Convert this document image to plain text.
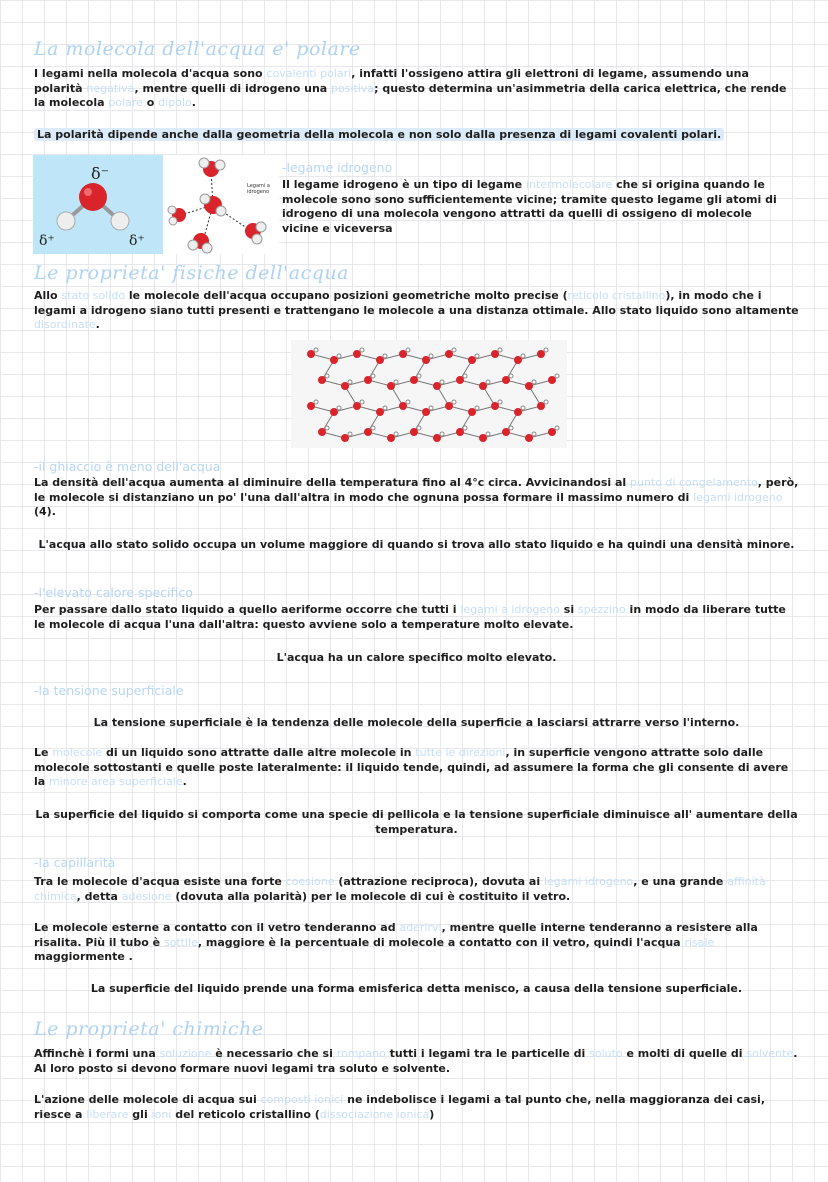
La molecola dell'acqua e' polare
I legami nella molecola d'acqua sono covalenti polari, infatti l'ossigeno attira gli elettroni di legame, assumendo una polarità negativa, mentre quelli di idrogeno una positiva; questo determina un'asimmetria della carica elettrica, che rende la molecola polare o dipolo.
La polarità dipende anche dalla geometria della molecola e non solo dalla presenza di legami covalenti polari.
δ⁻
δ⁺	δ⁺
Legami a
idrogeno
-legame idrogeno
Il legame idrogeno è un tipo di legame intermolecolare che si origina quando le molecole sono sono sufficientemente vicine; tramite questo legame gli atomi di idrogeno di una molecola vengono attratti da quelli di ossigeno di molecole vicine e viceversa
Le proprieta' fisiche dell'acqua
Allo stato solido le molecole dell'acqua occupano posizioni geometriche molto precise (reticolo cristallino), in modo che i legami a idrogeno siano tutti presenti e trattengano le molecole a una distanza ottimale. Allo stato liquido sono altamente disordinate.
-il ghiaccio è meno dell'acqua
La densità dell'acqua aumenta al diminuire della temperatura fino al 4°c circa. Avvicinandosi al punto di congelamento, però, le molecole si distanziano un po' l'una dall'altra in modo che ognuna possa formare il massimo numero di legami idrogeno (4).
L'acqua allo stato solido occupa un volume maggiore di quando si trova allo stato liquido e ha quindi una densità minore.
-l'elevato calore specifico
Per passare dallo stato liquido a quello aeriforme occorre che tutti i legami a idrogeno si spezzino in modo da liberare tutte le molecole di acqua l'una dall'altra: questo avviene solo a temperature molto elevate.
L'acqua ha un calore specifico molto elevato.
-la tensione superficiale
La tensione superficiale è la tendenza delle molecole della superficie a lasciarsi attrarre verso l'interno.
Le molecole di un liquido sono attratte dalle altre molecole in tutte le direzioni, in superficie vengono attratte solo dalle molecole sottostanti e quelle poste lateralmente: il liquido tende, quindi, ad assumere la forma che gli consente di avere la minore area superficiale.
La superficie del liquido si comporta come una specie di pellicola e la tensione superficiale diminuisce all' aumentare della temperatura.
-la capillarità
Tra le molecole d'acqua esiste una forte coesione (attrazione reciproca), dovuta ai legami idrogeno, e una grande affinità chimica, detta adesione (dovuta alla polarità) per le molecole di cui è costituito il vetro.
Le molecole esterne a contatto con il vetro tenderanno ad aderirvi, mentre quelle interne tenderanno a resistere alla risalita. Più il tubo è sottile, maggiore è la percentuale di molecole a contatto con il vetro, quindi l'acqua risale maggiormente .
La superficie del liquido prende una forma emisferica detta menisco, a causa della tensione superficiale.
Le proprieta' chimiche
Affinchè i formi una soluzione è necessario che si rompano tutti i legami tra le particelle di soluto e molti di quelle di solvente. Al loro posto si devono formare nuovi legami tra soluto e solvente.
L'azione delle molecole di acqua sui composti ionici ne indebolisce i legami a tal punto che, nella maggioranza dei casi, riesce a liberare gli ioni del reticolo cristallino (dissociazione ionica)
